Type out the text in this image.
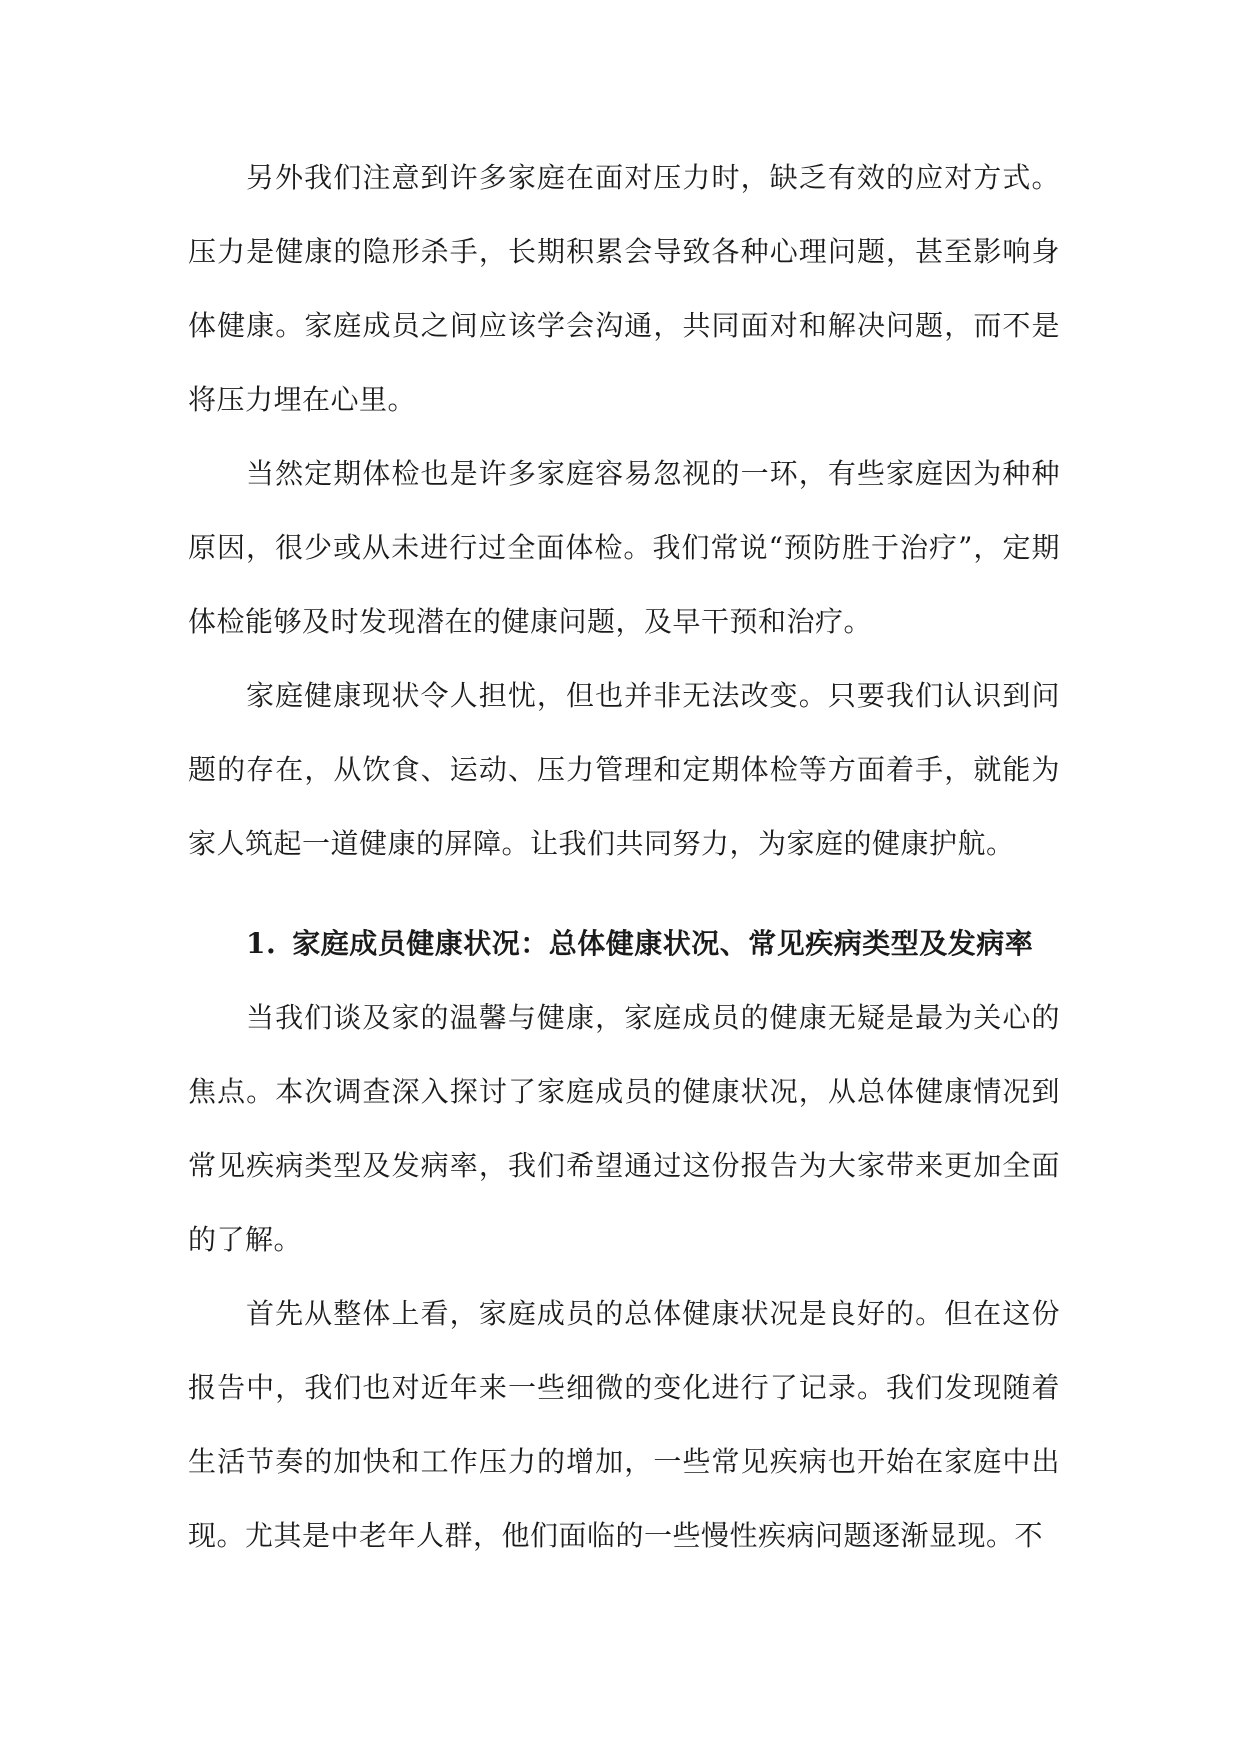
另外我们注意到许多家庭在面对压力时，缺乏有效的应对方式。压力是健康的隐形杀手，长期积累会导致各种心理问题，甚至影响身体健康。家庭成员之间应该学会沟通，共同面对和解决问题，而不是将压力埋在心里。

当然定期体检也是许多家庭容易忽视的一环，有些家庭因为种种原因，很少或从未进行过全面体检。我们常说“预防胜于治疗”，定期体检能够及时发现潜在的健康问题，及早干预和治疗。

家庭健康现状令人担忧，但也并非无法改变。只要我们认识到问题的存在，从饮食、运动、压力管理和定期体检等方面着手，就能为家人筑起一道健康的屏障。让我们共同努力，为家庭的健康护航。

1. 家庭成员健康状况：总体健康状况、常见疾病类型及发病率

当我们谈及家的温馨与健康，家庭成员的健康无疑是最为关心的焦点。本次调查深入探讨了家庭成员的健康状况，从总体健康情况到常见疾病类型及发病率，我们希望通过这份报告为大家带来更加全面的了解。

首先从整体上看，家庭成员的总体健康状况是良好的。但在这份报告中，我们也对近年来一些细微的变化进行了记录。我们发现随着生活节奏的加快和工作压力的增加，一些常见疾病也开始在家庭中出现。尤其是中老年人群，他们面临的一些慢性疾病问题逐渐显现。不
